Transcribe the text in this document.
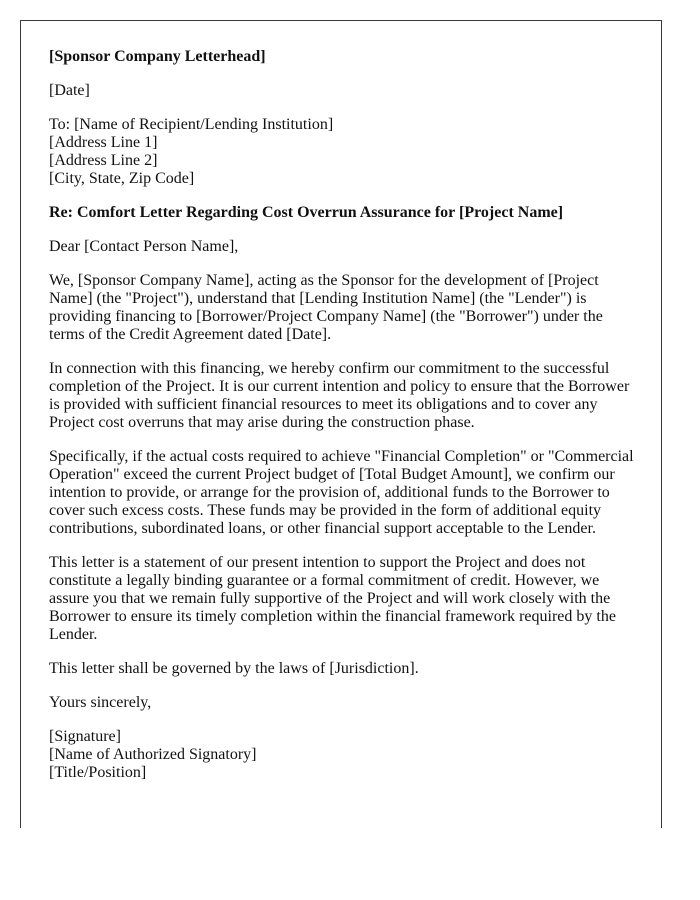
[Sponsor Company Letterhead]

[Date]

To: [Name of Recipient/Lending Institution]
[Address Line 1]
[Address Line 2]
[City, State, Zip Code]

Re: Comfort Letter Regarding Cost Overrun Assurance for [Project Name]

Dear [Contact Person Name],

We, [Sponsor Company Name], acting as the Sponsor for the development of [Project Name] (the "Project"), understand that [Lending Institution Name] (the "Lender") is providing financing to [Borrower/Project Company Name] (the "Borrower") under the terms of the Credit Agreement dated [Date].

In connection with this financing, we hereby confirm our commitment to the successful completion of the Project. It is our current intention and policy to ensure that the Borrower is provided with sufficient financial resources to meet its obligations and to cover any Project cost overruns that may arise during the construction phase.

Specifically, if the actual costs required to achieve "Financial Completion" or "Commercial Operation" exceed the current Project budget of [Total Budget Amount], we confirm our intention to provide, or arrange for the provision of, additional funds to the Borrower to cover such excess costs. These funds may be provided in the form of additional equity contributions, subordinated loans, or other financial support acceptable to the Lender.

This letter is a statement of our present intention to support the Project and does not constitute a legally binding guarantee or a formal commitment of credit. However, we assure you that we remain fully supportive of the Project and will work closely with the Borrower to ensure its timely completion within the financial framework required by the Lender.

This letter shall be governed by the laws of [Jurisdiction].

Yours sincerely,

[Signature]
[Name of Authorized Signatory]
[Title/Position]
